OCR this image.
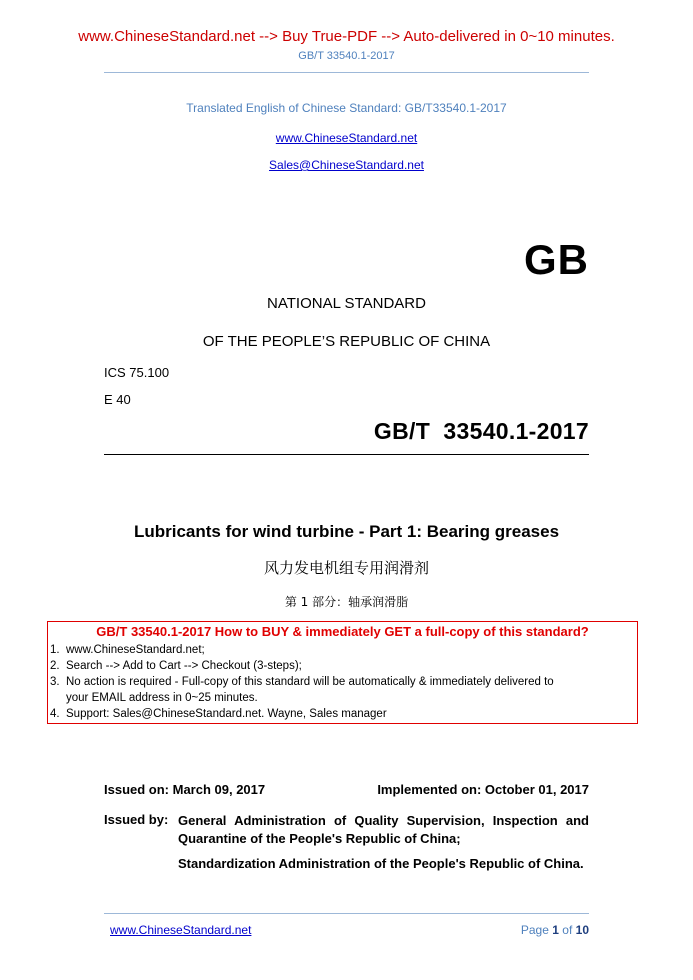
www.ChineseStandard.net --> Buy True-PDF --> Auto-delivered in 0~10 minutes.
GB/T 33540.1-2017
Translated English of Chinese Standard: GB/T33540.1-2017
www.ChineseStandard.net
Sales@ChineseStandard.net
GB
NATIONAL STANDARD
OF THE PEOPLE’S REPUBLIC OF CHINA
ICS 75.100
E 40
GB/T  33540.1-2017
Lubricants for wind turbine - Part 1: Bearing greases
风力发电机组专用润滑剂
第 1 部分：轴承润滑脂
GB/T 33540.1-2017 How to BUY & immediately GET a full-copy of this standard?
1. www.ChineseStandard.net;
2. Search --> Add to Cart --> Checkout (3-steps);
3. No action is required - Full-copy of this standard will be automatically & immediately delivered to
your EMAIL address in 0~25 minutes.
4. Support: Sales@ChineseStandard.net. Wayne, Sales manager
Issued on: March 09, 2017	Implemented on: October 01, 2017
Issued by: General Administration of Quality Supervision, Inspection and Quarantine of the People's Republic of China;
Standardization Administration of the People's Republic of China.
www.ChineseStandard.net	Page 1 of 10
